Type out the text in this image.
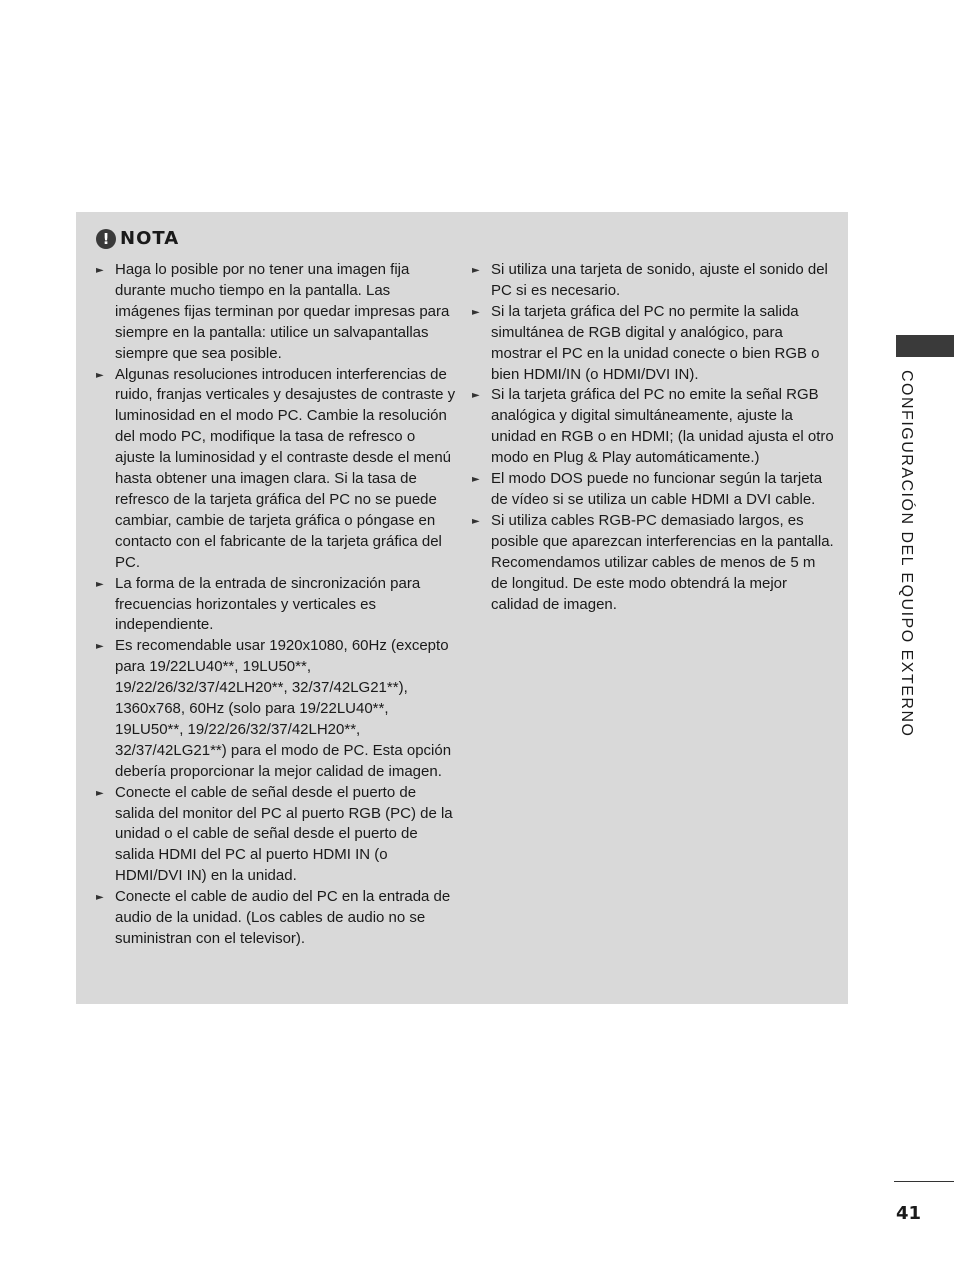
! NOTA
► Haga lo posible por no tener una imagen fija durante mucho tiempo en la pantalla. Las imágenes fijas terminan por quedar impresas para siempre en la pantalla: utilice un salvapantallas siempre que sea posible.

► Algunas resoluciones introducen interferencias de ruido, franjas verticales y desajustes de contraste y luminosidad en el modo PC. Cambie la resolución del modo PC, modifique la tasa de refresco o ajuste la luminosidad y el contraste desde el menú hasta obtener una imagen clara. Si la tasa de refresco de la tarjeta gráfica del PC no se puede cambiar, cambie de tarjeta gráfica o póngase en contacto con el fabricante de la tarjeta gráfica del PC.

► La forma de la entrada de sincronización para frecuencias horizontales y verticales es independiente.

► Es recomendable usar 1920x1080, 60Hz (excepto para 19/22LU40**, 19LU50**, 19/22/26/32/37/42LH20**, 32/37/42LG21**), 1360x768, 60Hz (solo para 19/22LU40**, 19LU50**, 19/22/26/32/37/42LH20**, 32/37/42LG21**) para el modo de PC. Esta opción debería proporcionar la mejor calidad de imagen.

► Conecte el cable de señal desde el puerto de salida del monitor del PC al puerto RGB (PC) de la unidad o el cable de señal desde el puerto de salida HDMI del PC al puerto HDMI IN (o HDMI/DVI IN) en la unidad.

► Conecte el cable de audio del PC en la entrada de audio de la unidad. (Los cables de audio no se suministran con el televisor).

► Si utiliza una tarjeta de sonido, ajuste el sonido del PC si es necesario.

► Si la tarjeta gráfica del PC no permite la salida simultánea de RGB digital y analógico, para mostrar el PC en la unidad conecte o bien RGB o bien HDMI/IN (o HDMI/DVI IN).

► Si la tarjeta gráfica del PC no emite la señal RGB analógica y digital simultáneamente, ajuste la unidad en RGB o en HDMI; (la unidad ajusta el otro modo en Plug & Play automáticamente.)

► El modo DOS puede no funcionar según la tarjeta de vídeo si se utiliza un cable HDMI a DVI cable.

► Si utiliza cables RGB-PC demasiado largos, es posible que aparezcan interferencias en la pantalla. Recomendamos utilizar cables de menos de 5 m de longitud. De este modo obtendrá la mejor calidad de imagen.	CONFIGURACIÓN DEL EQUIPO EXTERNO
41
